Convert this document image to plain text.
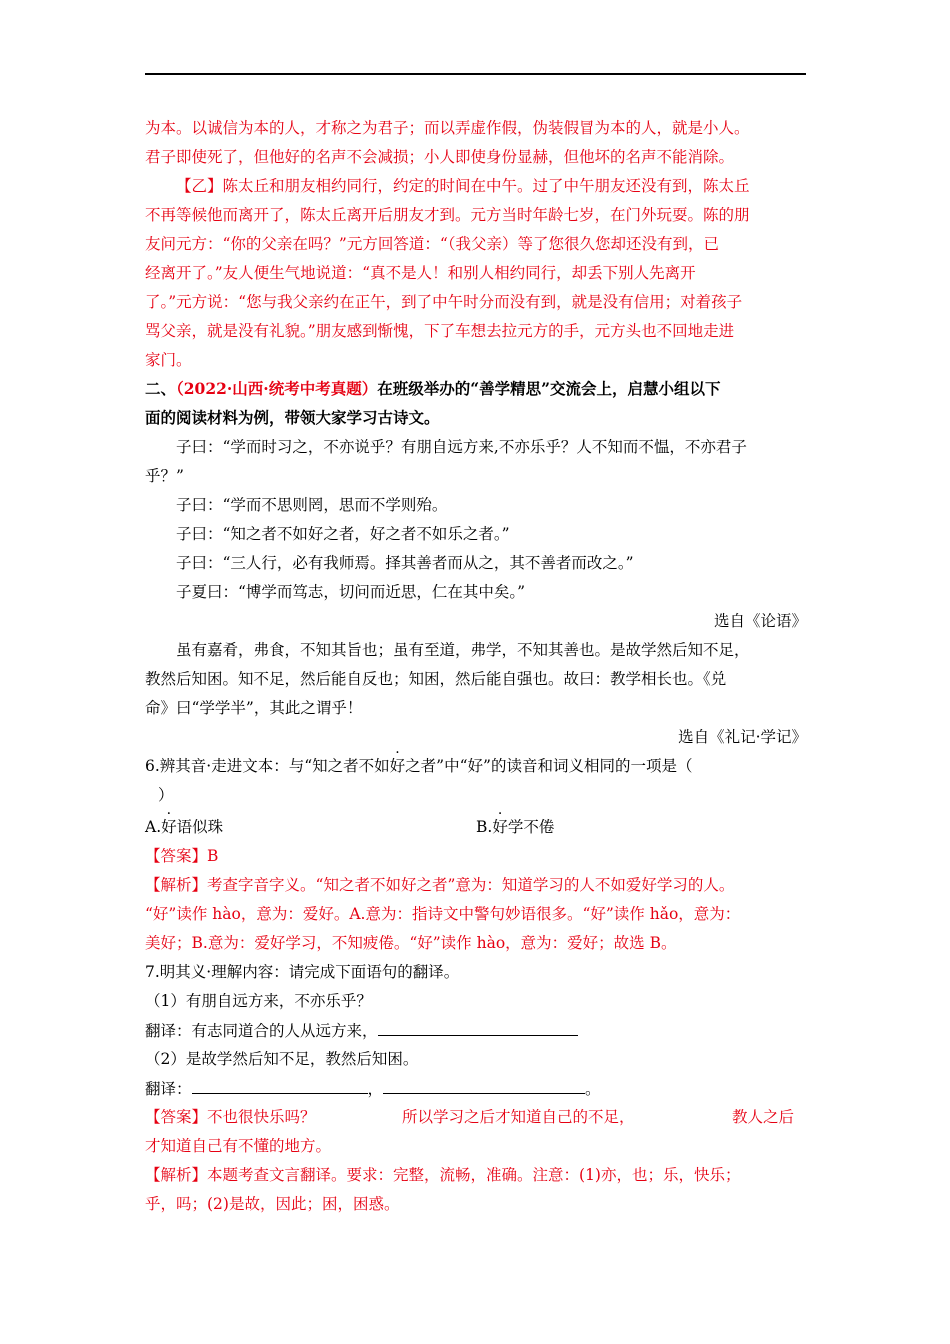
为本。以诚信为本的人，才称之为君子；而以弄虚作假，伪装假冒为本的人，就是小人。
君子即使死了，但他好的名声不会减损；小人即使身份显赫，但他坏的名声不能消除。
【乙】陈太丘和朋友相约同行，约定的时间在中午。过了中午朋友还没有到，陈太丘
不再等候他而离开了，陈太丘离开后朋友才到。元方当时年龄七岁，在门外玩耍。陈的朋
友问元方：“你的父亲在吗？”元方回答道：“（我父亲）等了您很久您却还没有到，已
经离开了。”友人便生气地说道：“真不是人！和别人相约同行，却丢下别人先离开
了。”元方说：“您与我父亲约在正午，到了中午时分而没有到，就是没有信用；对着孩子
骂父亲，就是没有礼貌。”朋友感到惭愧，下了车想去拉元方的手，元方头也不回地走进
家门。
二、（2022·山西·统考中考真题）在班级举办的“善学精思”交流会上，启慧小组以下
面的阅读材料为例，带领大家学习古诗文。
子曰：“学而时习之，不亦说乎？有朋自远方来,不亦乐乎？人不知而不愠，不亦君子
乎？”
子曰：“学而不思则罔，思而不学则殆。
子曰：“知之者不如好之者，好之者不如乐之者。”
子曰：“三人行，必有我师焉。择其善者而从之，其不善者而改之。”
子夏曰：“博学而笃志，切问而近思，仁在其中矣。”
选自《论语》
虽有嘉肴，弗食，不知其旨也；虽有至道，弗学，不知其善也。是故学然后知不足，
教然后知困。知不足，然后能自反也；知困，然后能自强也。故曰：教学相长也。《兑
命》曰“学学半”，其此之谓乎！
选自《礼记·学记》
6.辨其音·走进文本：与“知之者不如好之者”中“好”的读音和词义相同的一项是（
）
A.好语似珠	B.好学不倦
【答案】B
【解析】考查字音字义。“知之者不如好之者”意为：知道学习的人不如爱好学习的人。
“好”读作 hào，意为：爱好。A.意为：指诗文中警句妙语很多。“好”读作 hǎo，意为：
美好；B.意为：爱好学习，不知疲倦。“好”读作 hào，意为：爱好；故选 B。
7.明其义·理解内容：请完成下面语句的翻译。
（1）有朋自远方来，不亦乐乎？
翻译：有志同道合的人从远方来，
（2）是故学然后知不足，教然后知困。
翻译：	，	。
【答案】不也很快乐吗？	所以学习之后才知道自己的不足，	教人之后
才知道自己有不懂的地方。
【解析】本题考查文言翻译。要求：完整，流畅，准确。注意：(1)亦，也；乐，快乐；
乎，吗；(2)是故，因此；困，困惑。
